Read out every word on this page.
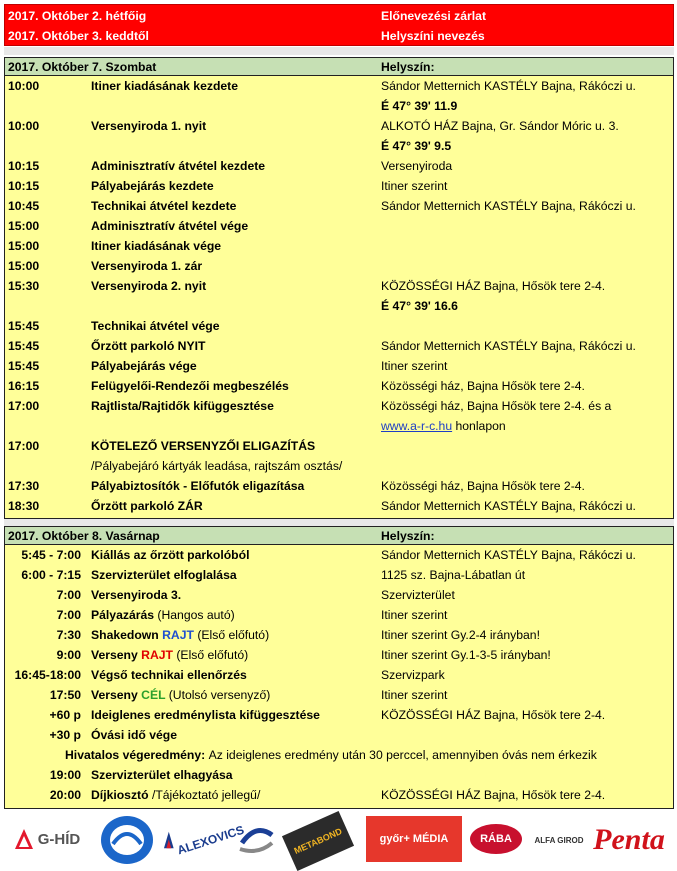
2017. Október 2. hétfőig	Előnevezési zárlat
2017. Október 3. keddtől	Helyszíni nevezés
2017. Október 7. Szombat	Helyszín:
10:00	Itiner kiadásának kezdete	Sándor Metternich KASTÉLY Bajna, Rákóczi u.
É 47° 39' 11.9
10:00	Versenyiroda 1. nyit	ALKOTÓ HÁZ Bajna, Gr. Sándor Móric u. 3.
É 47° 39' 9.5
10:15	Adminisztratív átvétel kezdete	Versenyiroda
10:15	Pályabejárás kezdete	Itiner szerint
10:45	Technikai átvétel kezdete	Sándor Metternich KASTÉLY Bajna, Rákóczi u.
15:00	Adminisztratív átvétel vége
15:00	Itiner kiadásának vége
15:00	Versenyiroda 1. zár
15:30	Versenyiroda 2. nyit	KÖZÖSSÉGI HÁZ Bajna, Hősök tere 2-4.
É 47° 39' 16.6
15:45	Technikai átvétel vége
15:45	Őrzött parkoló NYIT	Sándor Metternich KASTÉLY Bajna, Rákóczi u.
15:45	Pályabejárás vége	Itiner szerint
16:15	Felügyelői-Rendezői megbeszélés	Közösségi ház, Bajna Hősök tere 2-4.
17:00	Rajtlista/Rajtidők kifüggesztése	Közösségi ház, Bajna Hősök tere 2-4. és a
www.a-r-c.hu honlapon
17:00	KÖTELEZŐ VERSENYZŐI ELIGAZÍTÁS
/Pályabejáró kártyák leadása, rajtszám osztás/
17:30	Pályabiztosítók - Előfutók eligazítása	Közösségi ház, Bajna Hősök tere 2-4.
18:30	Őrzött parkoló ZÁR	Sándor Metternich KASTÉLY Bajna, Rákóczi u.
2017. Október 8. Vasárnap	Helyszín:
5:45 - 7:00 Kiállás az őrzött parkolóból	Sándor Metternich KASTÉLY Bajna, Rákóczi u.
6:00 - 7:15 Szervizterület elfoglalása	1125 sz. Bajna-Lábatlan út
7:00 Versenyiroda 3.	Szervizterület
7:00 Pályazárás (Hangos autó)	Itiner szerint
7:30 Shakedown RAJT (Első előfutó)	Itiner szerint Gy.2-4 irányban!
9:00 Verseny RAJT (Első előfutó)	Itiner szerint Gy.1-3-5 irányban!
16:45-18:00 Végső technikai ellenőrzés	Szervizpark
17:50 Verseny CÉL (Utolsó versenyző)	Itiner szerint
+60 p Ideiglenes eredménylista kifüggesztése	KÖZÖSSÉGI HÁZ Bajna, Hősök tere 2-4.
+30 p Óvási idő vége
Hivatalos végeredmény: Az ideiglenes eredmény után 30 perccel, amennyiben óvás nem érkezik
19:00 Szervizterület elhagyása
20:00 Díjkiosztó /Tájékoztató jellegű/	KÖZÖSSÉGI HÁZ Bajna, Hősök tere 2-4.
G-HÍD	ALEXOVICS	METABOND	győr+ MÉDIA	RÁBA	ALFA GIROD Penta
